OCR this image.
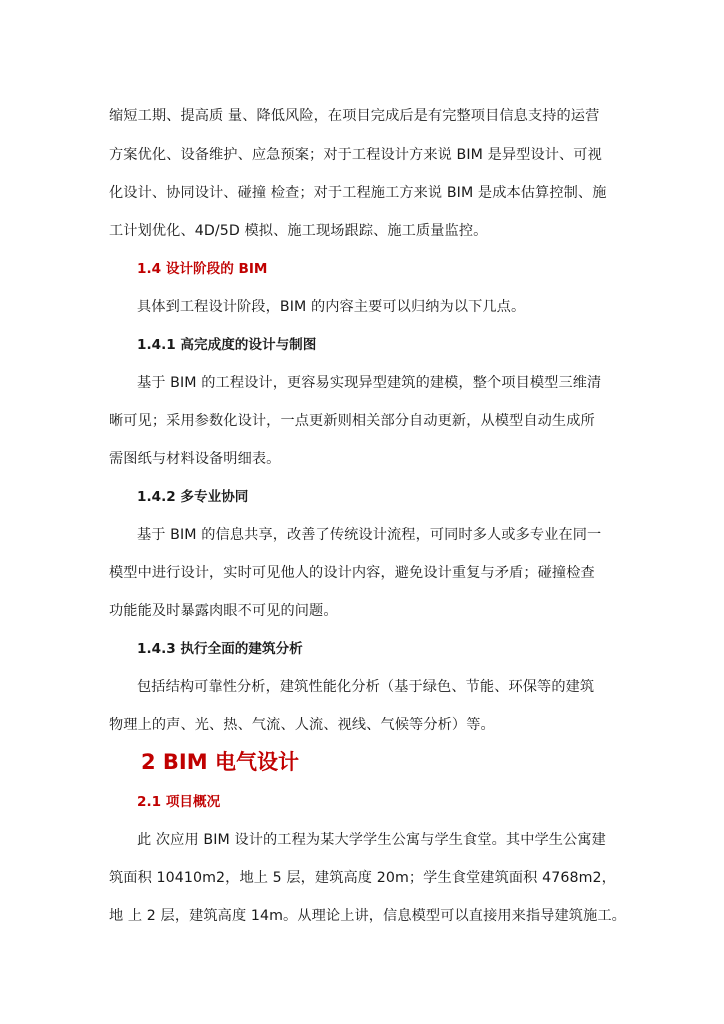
缩短工期、提高质 量、降低风险，在项目完成后是有完整项目信息支持的运营
方案优化、设备维护、应急预案；对于工程设计方来说 BIM 是异型设计、可视
化设计、协同设计、碰撞 检查；对于工程施工方来说 BIM 是成本估算控制、施
工计划优化、4D/5D 模拟、施工现场跟踪、施工质量监控。
1.4 设计阶段的 BIM
具体到工程设计阶段，BIM 的内容主要可以归纳为以下几点。
1.4.1 高完成度的设计与制图
基于 BIM 的工程设计，更容易实现异型建筑的建模，整个项目模型三维清
晰可见；采用参数化设计，一点更新则相关部分自动更新，从模型自动生成所
需图纸与材料设备明细表。
1.4.2 多专业协同
基于 BIM 的信息共享，改善了传统设计流程，可同时多人或多专业在同一
模型中进行设计，实时可见他人的设计内容，避免设计重复与矛盾；碰撞检查
功能能及时暴露肉眼不可见的问题。
1.4.3 执行全面的建筑分析
包括结构可靠性分析，建筑性能化分析（基于绿色、节能、环保等的建筑
物理上的声、光、热、气流、人流、视线、气候等分析）等。
2 BIM 电气设计
2.1 项目概况
此 次应用 BIM 设计的工程为某大学学生公寓与学生食堂。其中学生公寓建
筑面积 10410m2，地上 5 层，建筑高度 20m；学生食堂建筑面积 4768m2，
地 上 2 层，建筑高度 14m。从理论上讲，信息模型可以直接用来指导建筑施工。
